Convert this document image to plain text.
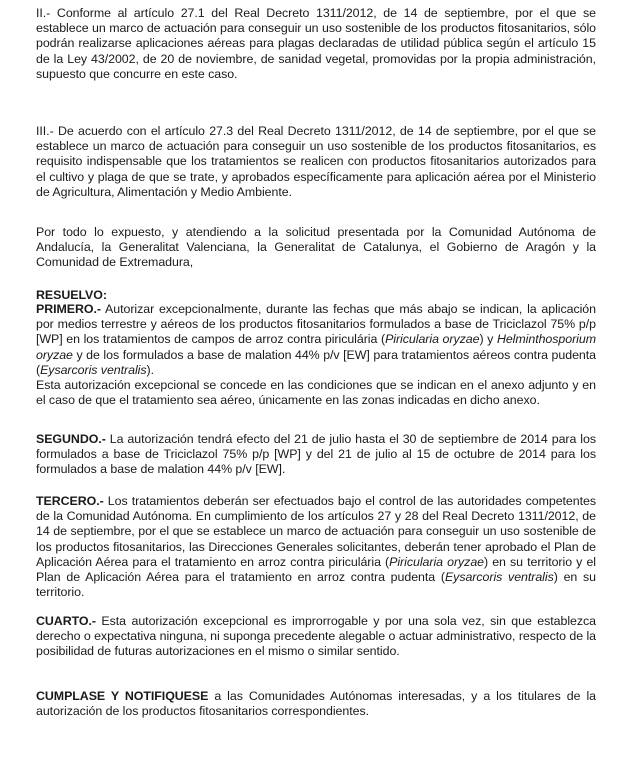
II.- Conforme al artículo 27.1 del Real Decreto 1311/2012, de 14 de septiembre, por el que se establece un marco de actuación para conseguir un uso sostenible de los productos fitosanitarios, sólo podrán realizarse aplicaciones aéreas para plagas declaradas de utilidad pública según el artículo 15 de la Ley 43/2002, de 20 de noviembre, de sanidad vegetal, promovidas por la propia administración, supuesto que concurre en este caso.

III.- De acuerdo con el artículo 27.3 del Real Decreto 1311/2012, de 14 de septiembre, por el que se establece un marco de actuación para conseguir un uso sostenible de los productos fitosanitarios, es requisito indispensable que los tratamientos se realicen con productos fitosanitarios autorizados para el cultivo y plaga de que se trate, y aprobados específicamente para aplicación aérea por el Ministerio de Agricultura, Alimentación y Medio Ambiente.

Por todo lo expuesto, y atendiendo a la solicitud presentada por la Comunidad Autónoma de Andalucía, la Generalitat Valenciana, la Generalitat de Catalunya, el Gobierno de Aragón y la Comunidad de Extremadura,

RESUELVO:

PRIMERO.- Autorizar excepcionalmente, durante las fechas que más abajo se indican, la aplicación por medios terrestre y aéreos de los productos fitosanitarios formulados a base de Triciclazol 75% p/p [WP] en los tratamientos de campos de arroz contra piriculária (Piricularia oryzae) y Helminthosporium oryzae y de los formulados a base de malation 44% p/v [EW] para tratamientos aéreos contra pudenta (Eysarcoris ventralis).

Esta autorización excepcional se concede en las condiciones que se indican en el anexo adjunto y en el caso de que el tratamiento sea aéreo, únicamente en las zonas indicadas en dicho anexo.

SEGUNDO.- La autorización tendrá efecto del 21 de julio hasta el 30 de septiembre de 2014 para los formulados a base de Triciclazol 75% p/p [WP] y del 21 de julio al 15 de octubre de 2014 para los formulados a base de malation 44% p/v [EW].

TERCERO.- Los tratamientos deberán ser efectuados bajo el control de las autoridades competentes de la Comunidad Autónoma. En cumplimiento de los artículos 27 y 28 del Real Decreto 1311/2012, de 14 de septiembre, por el que se establece un marco de actuación para conseguir un uso sostenible de los productos fitosanitarios, las Direcciones Generales solicitantes, deberán tener aprobado el Plan de Aplicación Aérea para el tratamiento en arroz contra piriculária (Piricularia oryzae) en su territorio y el Plan de Aplicación Aérea para el tratamiento en arroz contra pudenta (Eysarcoris ventralis) en su territorio.

CUARTO.- Esta autorización excepcional es improrrogable y por una sola vez, sin que establezca derecho o expectativa ninguna, ni suponga precedente alegable o actuar administrativo, respecto de la posibilidad de futuras autorizaciones en el mismo o similar sentido.

CUMPLASE Y NOTIFIQUESE a las Comunidades Autónomas interesadas, y a los titulares de la autorización de los productos fitosanitarios correspondientes.
